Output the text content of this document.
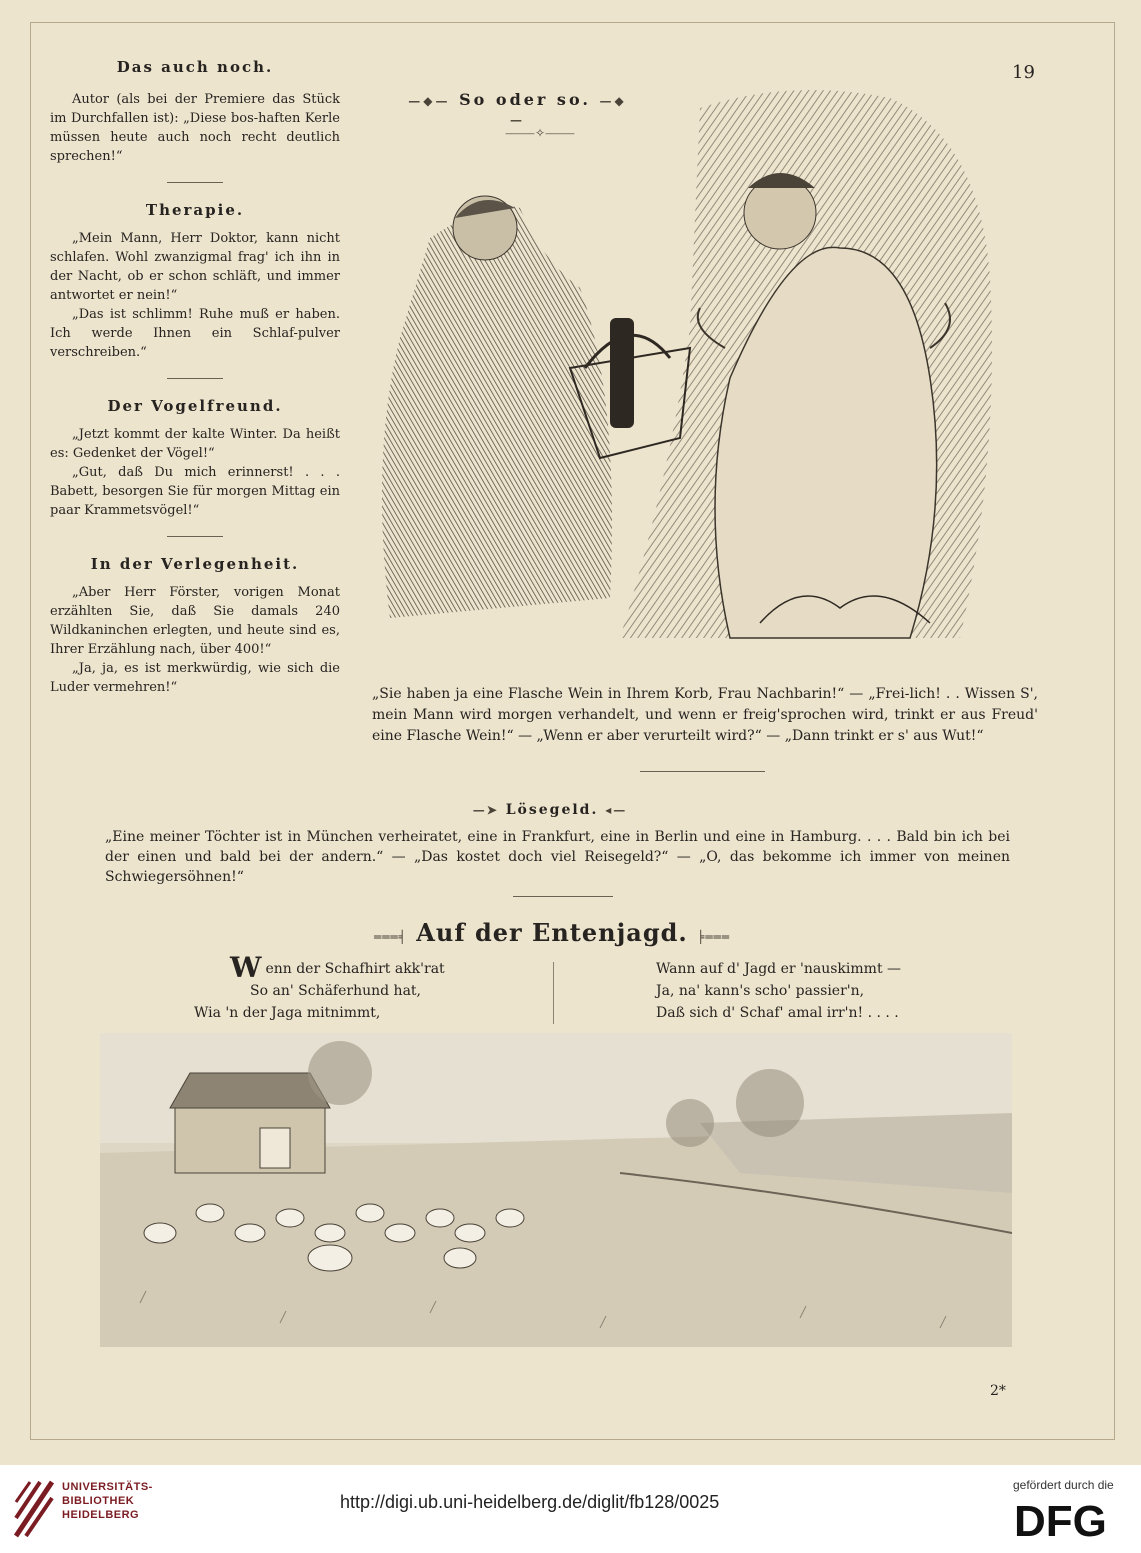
19
Das auch noch.

Autor (als bei der Premiere das Stück im Durchfallen ist): „Diese bos-haften Kerle müssen heute auch noch recht deutlich sprechen!“

Therapie.

„Mein Mann, Herr Doktor, kann nicht schlafen. Wohl zwanzigmal frag' ich ihn in der Nacht, ob er schon schläft, und immer antwortet er nein!“

„Das ist schlimm! Ruhe muß er haben. Ich werde Ihnen ein Schlaf-pulver verschreiben.“

Der Vogelfreund.

„Jetzt kommt der kalte Winter. Da heißt es: Gedenket der Vögel!“

„Gut, daß Du mich erinnerst! . . . Babett, besorgen Sie für morgen Mittag ein paar Krammetsvögel!“

In der Verlegenheit.

„Aber Herr Förster, vorigen Monat erzählten Sie, daß Sie damals 240 Wildkaninchen erlegten, und heute sind es, Ihrer Erzählung nach, über 400!“

„Ja, ja, es ist merkwürdig, wie sich die Luder vermehren!“

—◆— So oder so. —◆—
⸻✧⸻
„Sie haben ja eine Flasche Wein in Ihrem Korb, Frau Nachbarin!“ — „Frei-lich! . . Wissen S', mein Mann wird morgen verhandelt, und wenn er freig'sprochen wird, trinkt er aus Freud' eine Flasche Wein!“ — „Wenn er aber verurteilt wird?“ — „Dann trinkt er s' aus Wut!“
—➤ Lösegeld. ◂—
„Eine meiner Töchter ist in München verheiratet, eine in Frankfurt, eine in Berlin und eine in Hamburg. . . . Bald bin ich bei der einen und bald bei der andern.“ — „Das kostet doch viel Reisegeld?“ — „O, das bekomme ich immer von meinen Schwiegersöhnen!“
═══╡ Auf der Entenjagd. ╞═══
W enn der Schafhirt akk'rat
So an' Schäferhund hat,
Wia 'n der Jaga mitnimmt,
Wann auf d' Jagd er 'nauskimmt —
Ja, na' kann's scho' passier'n,
Daß sich d' Schaf' amal irr'n! . . . .
2*
UNIVERSITÄTS-
BIBLIOTHEK
HEIDELBERG
http://digi.ub.uni-heidelberg.de/diglit/fb128/0025
gefördert durch die
DFG
